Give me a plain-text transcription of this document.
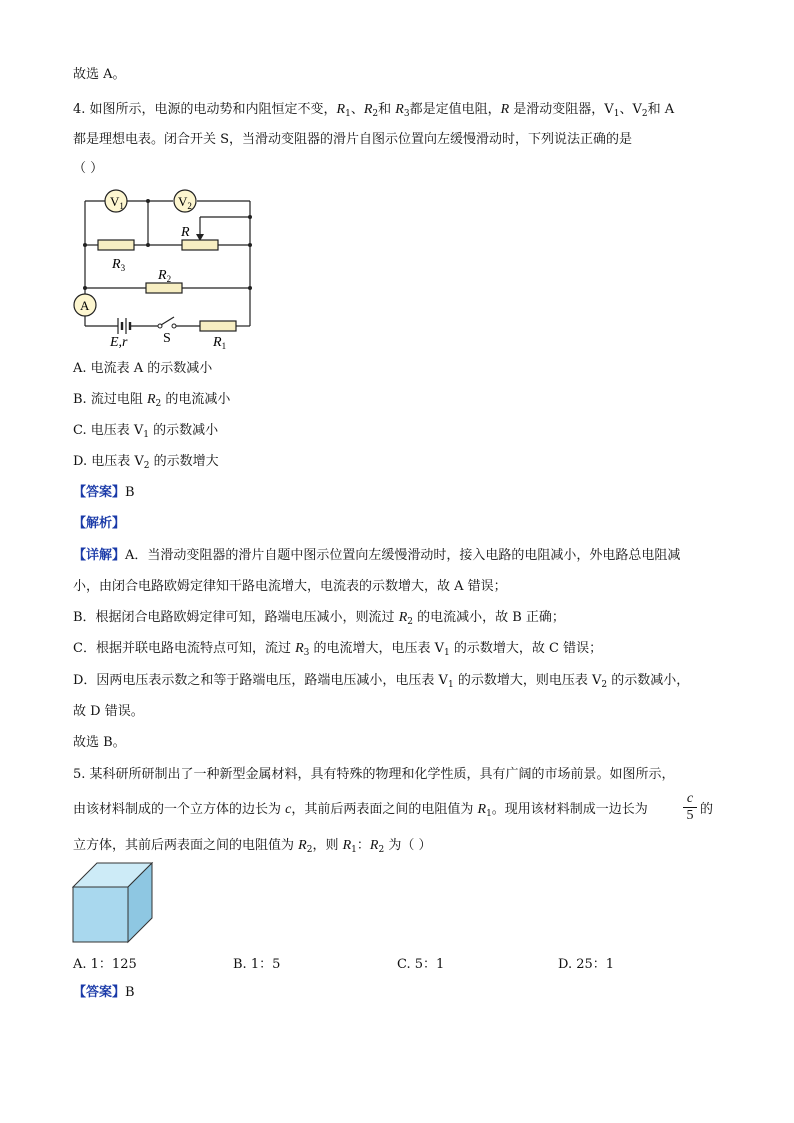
故选 A。
4. 如图所示，电源的电动势和内阻恒定不变，$R_1$、$R_2$和 $R_3$都是定值电阻，R 是滑动变阻器，$V_1$、$V_2$和 A
都是理想电表。闭合开关 S，当滑动变阻器的滑片自图示位置向左缓慢滑动时，下列说法正确的是
（ ）
$V_1$	$V_2$
R
$R_3$ $R_2$
A
E,r	S	$R_1$
A. 电流表 A 的示数减小
B. 流过电阻 $R_2$ 的电流减小
C. 电压表 $V_1$ 的示数减小
D. 电压表 $V_2$ 的示数增大
【答案】B
【解析】
【详解】A．当滑动变阻器的滑片自题中图示位置向左缓慢滑动时，接入电路的电阻减小，外电路总电阻减
小，由闭合电路欧姆定律知干路电流增大，电流表的示数增大，故 A 错误；
B．根据闭合电路欧姆定律可知，路端电压减小，则流过 $R_2$ 的电流减小，故 B 正确；
C．根据并联电路电流特点可知，流过 $R_3$ 的电流增大，电压表 $V_1$ 的示数增大，故 C 错误；
D．因两电压表示数之和等于路端电压，路端电压减小，电压表 $V_1$ 的示数增大，则电压表 $V_2$ 的示数减小，
故 D 错误。
故选 B。
5. 某科研所研制出了一种新型金属材料，具有特殊的物理和化学性质，具有广阔的市场前景。如图所示，
由该材料制成的一个立方体的边长为 c，其前后两表面之间的电阻值为 $R_1$。现用该材料制成一边长为	$\frac{c}{5}$ 的
立方体，其前后两表面之间的电阻值为 $R_2$，则 $R_1$：$R_2$ 为（ ）
A. 1：125	B. 1：5	C. 5：1	D. 25：1
【答案】B
